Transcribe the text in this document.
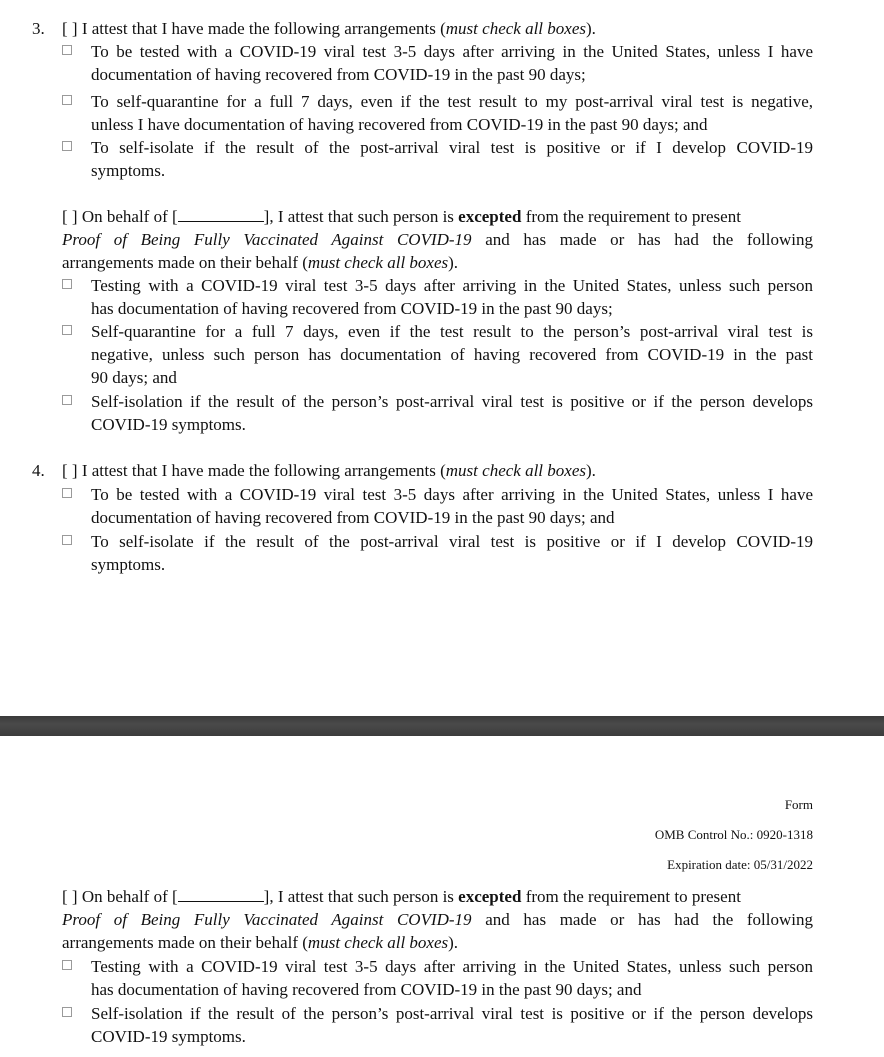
3. [ ] I attest that I have made the following arrangements (must check all boxes).
To be tested with a COVID-19 viral test 3-5 days after arriving in the United States, unless I have
documentation of having recovered from COVID-19 in the past 90 days;
To self-quarantine for a full 7 days, even if the test result to my post-arrival viral test is negative,
unless I have documentation of having recovered from COVID-19 in the past 90 days; and
To self-isolate if the result of the post-arrival viral test is positive or if I develop COVID-19
symptoms.
[ ] On behalf of [	], I attest that such person is excepted from the requirement to present
Proof of Being Fully Vaccinated Against COVID-19 and has made or has had the following
arrangements made on their behalf (must check all boxes).
Testing with a COVID-19 viral test 3-5 days after arriving in the United States, unless such person
has documentation of having recovered from COVID-19 in the past 90 days;
Self-quarantine for a full 7 days, even if the test result to the person’s post-arrival viral test is
negative, unless such person has documentation of having recovered from COVID-19 in the past
90 days; and
Self-isolation if the result of the person’s post-arrival viral test is positive or if the person develops
COVID-19 symptoms.
4. [ ] I attest that I have made the following arrangements (must check all boxes).
To be tested with a COVID-19 viral test 3-5 days after arriving in the United States, unless I have
documentation of having recovered from COVID-19 in the past 90 days; and
To self-isolate if the result of the post-arrival viral test is positive or if I develop COVID-19
symptoms.
Form
OMB Control No.: 0920-1318
Expiration date: 05/31/2022
[ ] On behalf of [	], I attest that such person is excepted from the requirement to present
Proof of Being Fully Vaccinated Against COVID-19 and has made or has had the following
arrangements made on their behalf (must check all boxes).
Testing with a COVID-19 viral test 3-5 days after arriving in the United States, unless such person
has documentation of having recovered from COVID-19 in the past 90 days; and
Self-isolation if the result of the person’s post-arrival viral test is positive or if the person develops
COVID-19 symptoms.
